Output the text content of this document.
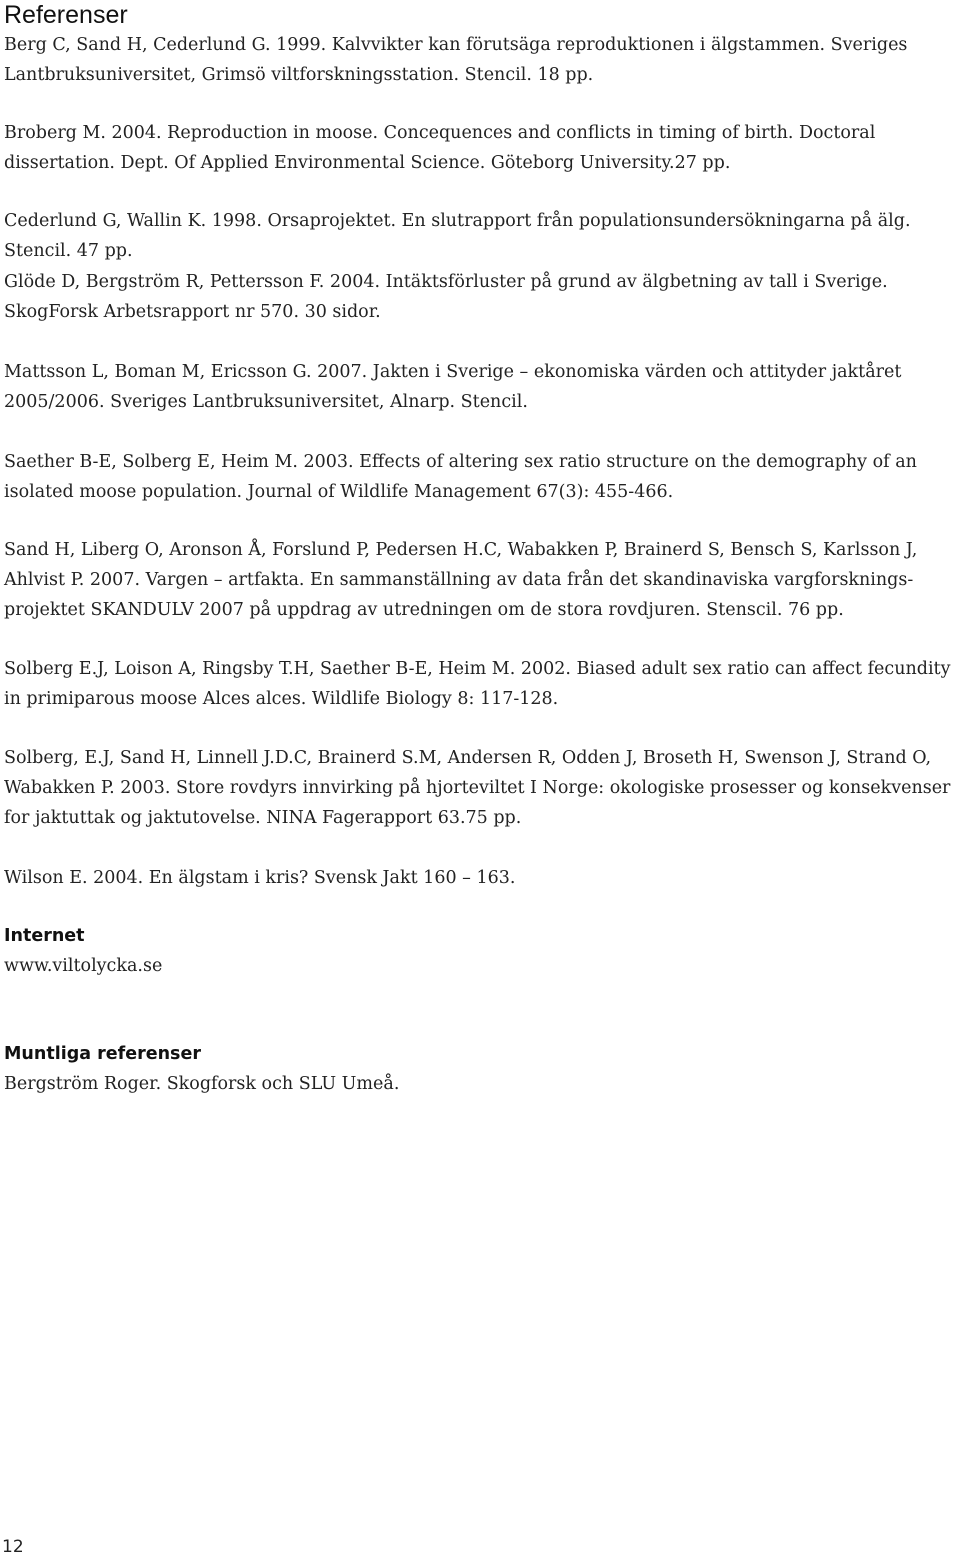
Referenser
Berg C, Sand H, Cederlund G. 1999. Kalvvikter kan förutsäga reproduktionen i älgstammen. Sveriges
Lantbruksuniversitet, Grimsö viltforskningsstation. Stencil. 18 pp.
Broberg M. 2004. Reproduction in moose. Concequences and conflicts in timing of birth. Doctoral
dissertation. Dept. Of Applied Environmental Science. Göteborg University.27 pp.
Cederlund G, Wallin K. 1998. Orsaprojektet. En slutrapport från populationsundersökningarna på älg.
Stencil. 47 pp.
Glöde D, Bergström R, Pettersson F. 2004. Intäktsförluster på grund av älgbetning av tall i Sverige.
SkogForsk Arbetsrapport nr 570. 30 sidor.
Mattsson L, Boman M, Ericsson G. 2007. Jakten i Sverige – ekonomiska värden och attityder jaktåret
2005/2006. Sveriges Lantbruksuniversitet, Alnarp. Stencil.
Saether B-E, Solberg E, Heim M. 2003. Effects of altering sex ratio structure on the demography of an
isolated moose population. Journal of Wildlife Management 67(3): 455-466.
Sand H, Liberg O, Aronson Å, Forslund P, Pedersen H.C, Wabakken P, Brainerd S, Bensch S, Karlsson J,
Ahlvist P. 2007. Vargen – artfakta. En sammanställning av data från det skandinaviska vargforsknings-
projektet SKANDULV 2007 på uppdrag av utredningen om de stora rovdjuren. Stenscil. 76 pp.
Solberg E.J, Loison A, Ringsby T.H, Saether B-E, Heim M. 2002. Biased adult sex ratio can affect fecundity
in primiparous moose Alces alces. Wildlife Biology 8: 117-128.
Solberg, E.J, Sand H, Linnell J.D.C, Brainerd S.M, Andersen R, Odden J, Broseth H, Swenson J, Strand O,
Wabakken P. 2003. Store rovdyrs innvirking på hjorteviltet I Norge: okologiske prosesser og konsekvenser
for jaktuttak og jaktutovelse. NINA Fagerapport 63.75 pp.
Wilson E. 2004. En älgstam i kris? Svensk Jakt 160 – 163.
Internet
www.viltolycka.se
Muntliga referenser
Bergström Roger. Skogforsk och SLU Umeå.
12
